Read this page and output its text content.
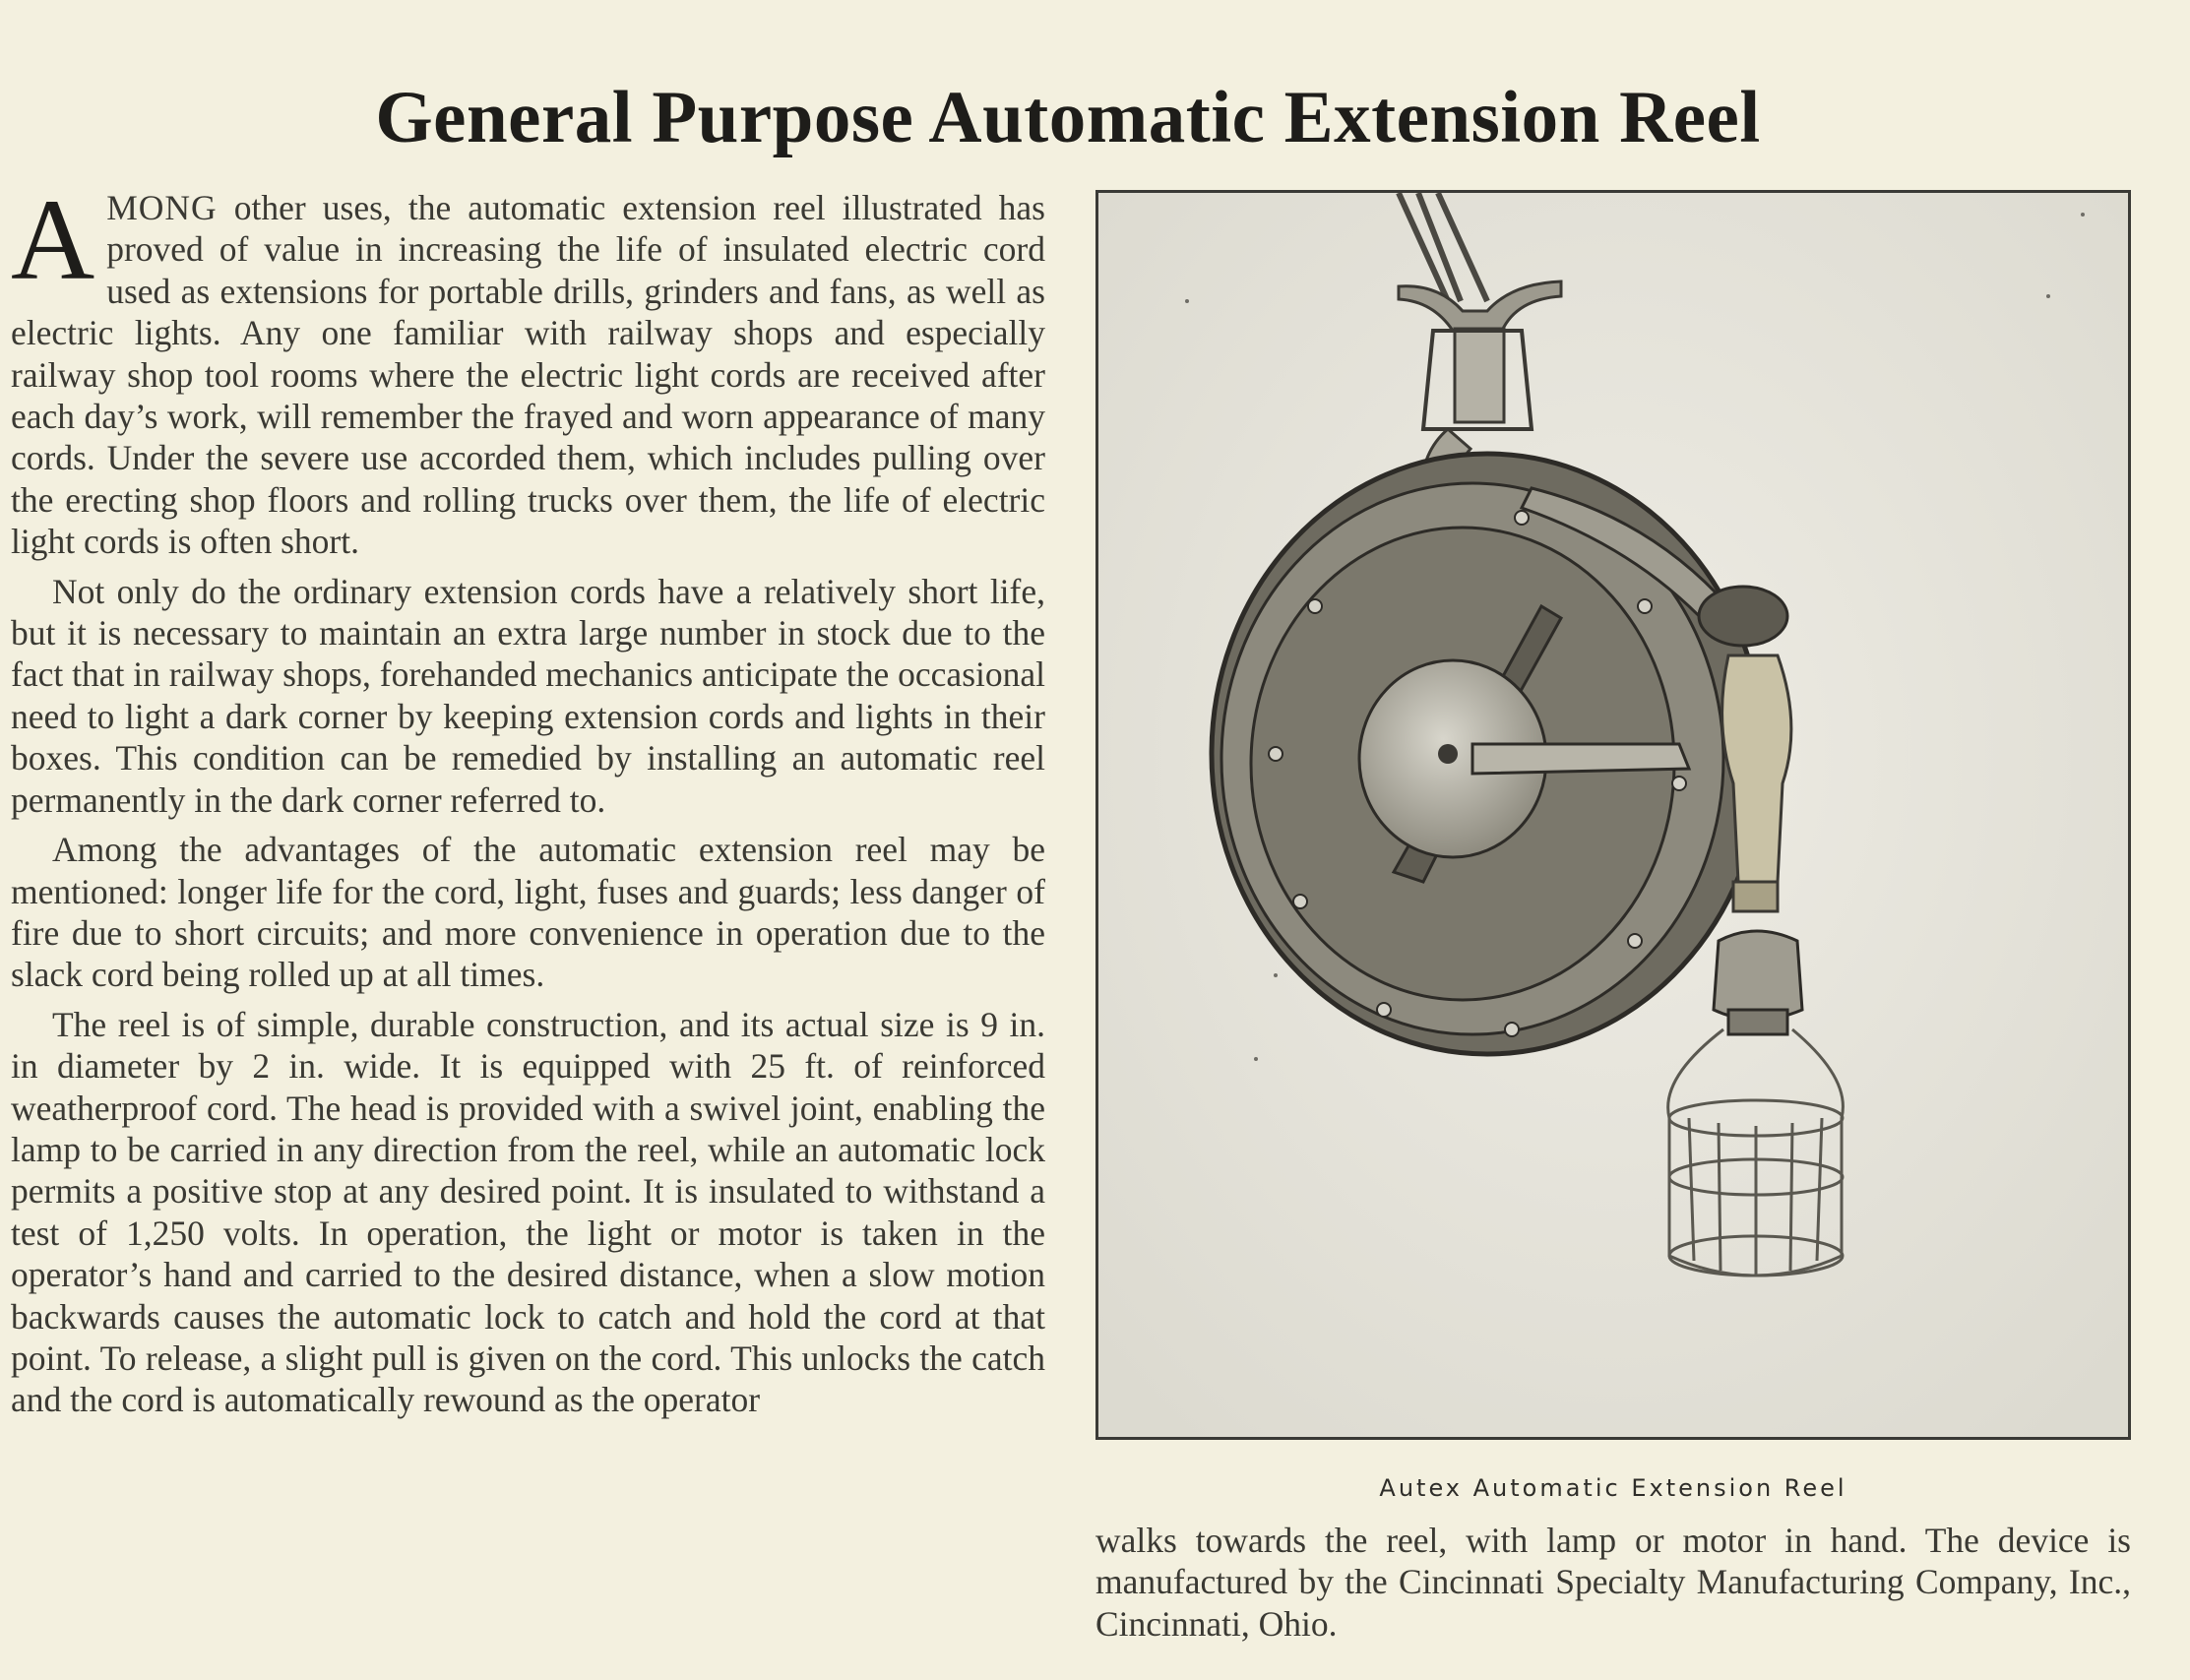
General Purpose Automatic Extension Reel

AMONG other uses, the automatic extension reel illustrated has proved of value in increasing the life of insulated electric cord used as extensions for portable drills, grinders and fans, as well as electric lights. Any one familiar with railway shops and especially railway shop tool rooms where the electric light cords are received after each day’s work, will remember the frayed and worn appearance of many cords. Under the severe use accorded them, which includes pulling over the erecting shop floors and rolling trucks over them, the life of electric light cords is often short.

Not only do the ordinary extension cords have a relatively short life, but it is necessary to maintain an extra large number in stock due to the fact that in railway shops, forehanded mechanics anticipate the occasional need to light a dark corner by keeping extension cords and lights in their boxes. This condition can be remedied by installing an automatic reel permanently in the dark corner referred to.

Among the advantages of the automatic extension reel may be mentioned: longer life for the cord, light, fuses and guards; less danger of fire due to short circuits; and more convenience in operation due to the slack cord being rolled up at all times.

The reel is of simple, durable construction, and its actual size is 9 in. in diameter by 2 in. wide. It is equipped with 25 ft. of reinforced weatherproof cord. The head is provided with a swivel joint, enabling the lamp to be carried in any direction from the reel, while an automatic lock permits a positive stop at any desired point. It is insulated to withstand a test of 1,250 volts. In operation, the light or motor is taken in the operator’s hand and carried to the desired distance, when a slow motion backwards causes the automatic lock to catch and hold the cord at that point. To release, a slight pull is given on the cord. This unlocks the catch and the cord is automatically rewound as the operator

Autex Automatic Extension Reel

walks towards the reel, with lamp or motor in hand. The device is manufactured by the Cincinnati Specialty Manufacturing Company, Inc., Cincinnati, Ohio.
